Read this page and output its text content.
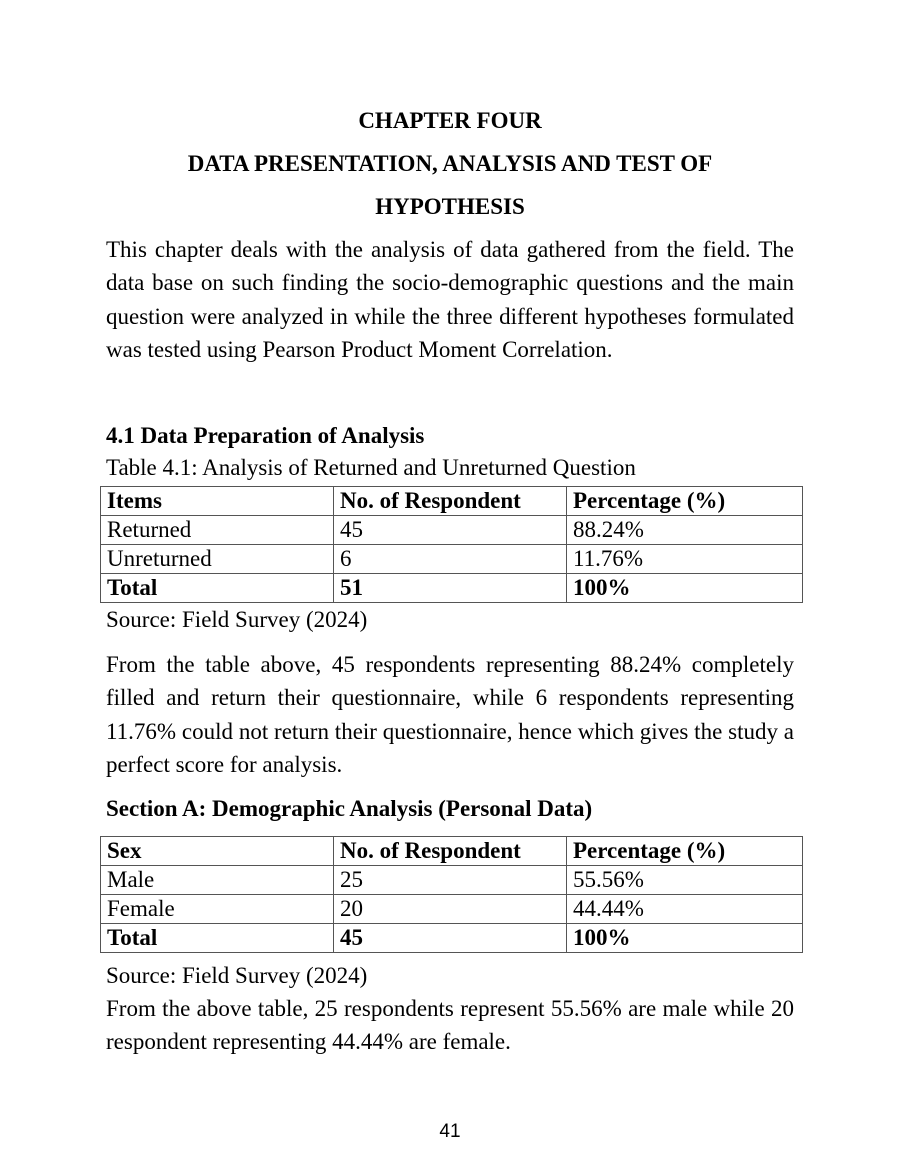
CHAPTER FOUR
DATA PRESENTATION, ANALYSIS AND TEST OF
HYPOTHESIS

This chapter deals with the analysis of data gathered from the field. The data base on such finding the socio-demographic questions and the main question were analyzed in while the three different hypotheses formulated was tested using Pearson Product Moment Correlation.

4.1 Data Preparation of Analysis
Table 4.1: Analysis of Returned and Unreturned Question
Items	No. of Respondent	Percentage (%)
Returned	45	88.24%
Unreturned	6	11.76%
Total	51	100%
Source: Field Survey (2024)

From the table above, 45 respondents representing 88.24% completely filled and return their questionnaire, while 6 respondents representing 11.76% could not return their questionnaire, hence which gives the study a perfect score for analysis.

Section A: Demographic Analysis (Personal Data)
Sex	No. of Respondent	Percentage (%)
Male	25	55.56%
Female	20	44.44%
Total	45	100%
Source: Field Survey (2024)

From the above table, 25 respondents represent 55.56% are male while 20 respondent representing 44.44% are female.

41
